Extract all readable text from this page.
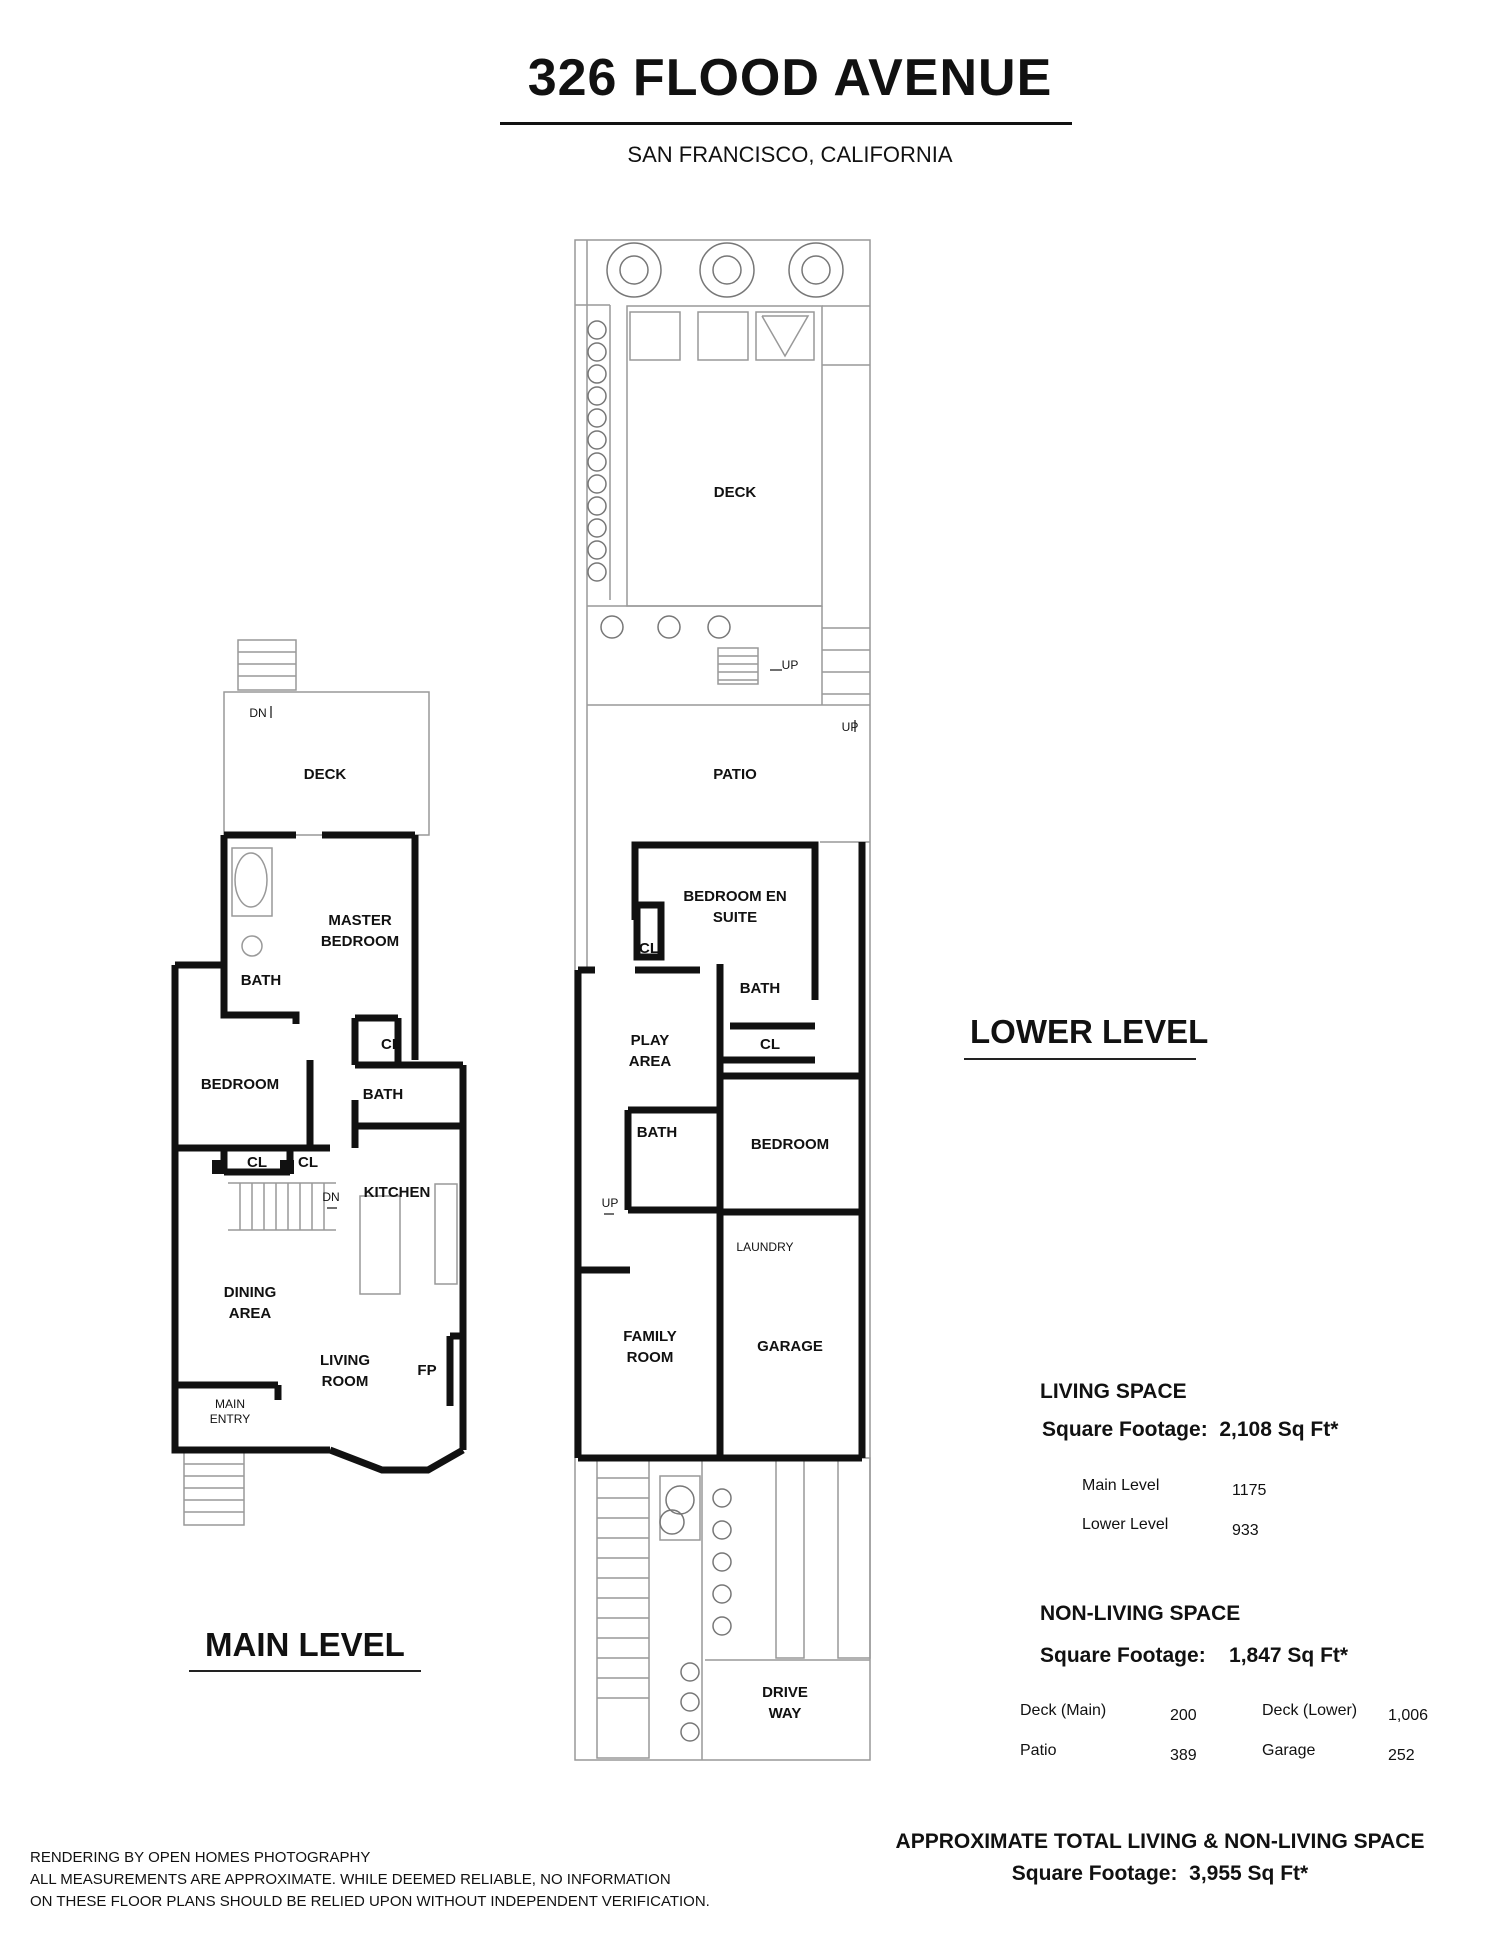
326 FLOOD AVENUE
SAN FRANCISCO, CALIFORNIA
DECK
UP
UP
PATIO
BEDROOM EN
SUITE
CL
BATH
CL
PLAY
AREA
BATH
BEDROOM
UP
LAUNDRY
FAMILY
ROOM
GARAGE
DRIVE
WAY
DN
DECK
MASTER
BEDROOM
BATH
CL
BEDROOM
BATH
CL	CL
DN	KITCHEN
DINING
AREA
LIVING
ROOM
FP
MAIN
ENTRY
MAIN LEVEL
LOWER LEVEL
LIVING SPACE
Square Footage: 2,108 Sq Ft*
Main Level	1175
Lower Level	933
NON-LIVING SPACE
Square Footage: 1,847 Sq Ft*
Deck (Main)	200	Deck (Lower) 1,006
Patio	389	Garage	252
APPROXIMATE TOTAL LIVING & NON-LIVING SPACE
Square Footage: 3,955 Sq Ft*
RENDERING BY OPEN HOMES PHOTOGRAPHY
ALL MEASUREMENTS ARE APPROXIMATE. WHILE DEEMED RELIABLE, NO INFORMATION
ON THESE FLOOR PLANS SHOULD BE RELIED UPON WITHOUT INDEPENDENT VERIFICATION.
